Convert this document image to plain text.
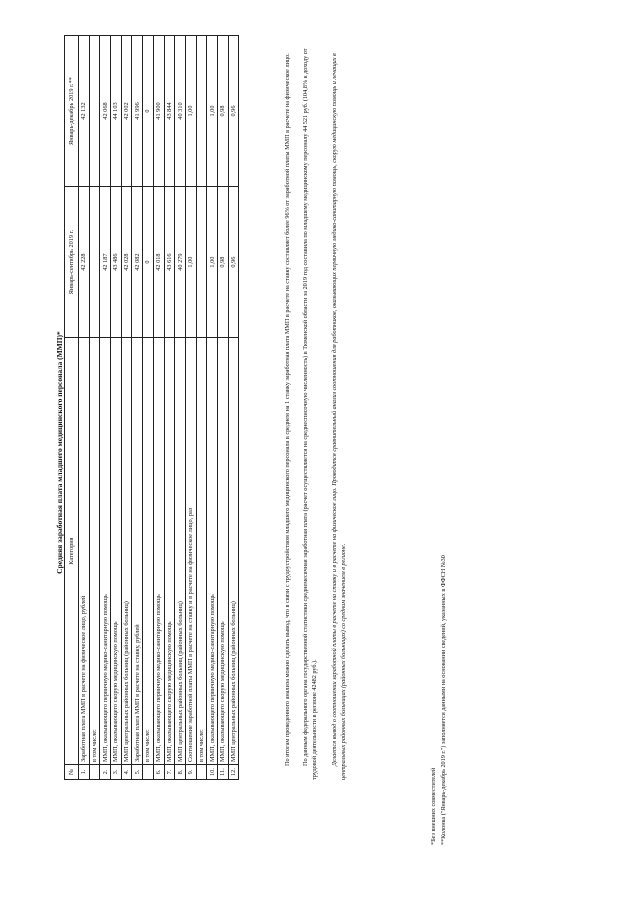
Средняя заработная плата младшего медицинского персонала (ММП)*
№	Категория	Январь-сентябрь 2019 г.	Январь-декабрь 2019 г.**
1.	Заработная плата ММП в расчете на физическое лицо, рублей	42 228	42 132
	в том числе:		
2.	ММП, оказывающего первичную медико-санитарную помощь	42 187	42 068
3.	ММП, оказывающего скорую медицинскую помощь	43 486	44 103
4.	ММП центральных районных больниц (районных больниц)	42 028	42 002
5.	Заработная плата ММП в расчете на ставку, рублей	42 082	41 996
	в том числе:	0	0
6.	ММП, оказывающего первичную медико-санитарную помощь	42 018	41 900
7.	ММП, оказывающего скорую медицинскую помощь	43 616	43 844
8.	ММП центральных районных больниц (районных больниц)	40 279	40 310
9.	Соотношение заработной платы ММП в расчете на ставку и в расчете на физическое лицо, раз	1,00	1,00
	в том числе:		
10.	ММП, оказывающего первичную медико-санитарную помощь	1,00	1,00
11.	ММП, оказывающего скорую медицинскую помощь	0,98	0,98
12.	ММП центральных районных больниц (районных больниц)	0,96	0,96	По итогам проведенного анализа можно сделать вывод, что в связи с трудоустройством младшего медицинского персонала в среднем на 1 ставку заработная плата ММП в расчете на ставку составляет более 96% от заработной платы ММП в расчете на физическое лицо. По данным федерального органа государственной статистики среднемесячная заработная плата (расчет осуществляется на среднесписочную численность) в Тюменской области за 2019 год составила по младшему медицинскому персоналу 44 521 руб. (104,8% к доходу от трудовой деятельности в регионе 42482 руб.). Делается вывод о соотношении заработной платы в расчете на ставку и в расчете на физическое лицо. Проводится сравнительный анализ соотношения для работников, оказывающих первичную медико-санитарную помощь, скорую медицинскую помощь и лечащих в центральных районных больницах (районных больницах) со средним значением в регионе.
*Без внешних совместителей **Колонка ("Январь-декабрь 2019 г.") заполняется данными на основании сведений, указанных в ФФСН №30
